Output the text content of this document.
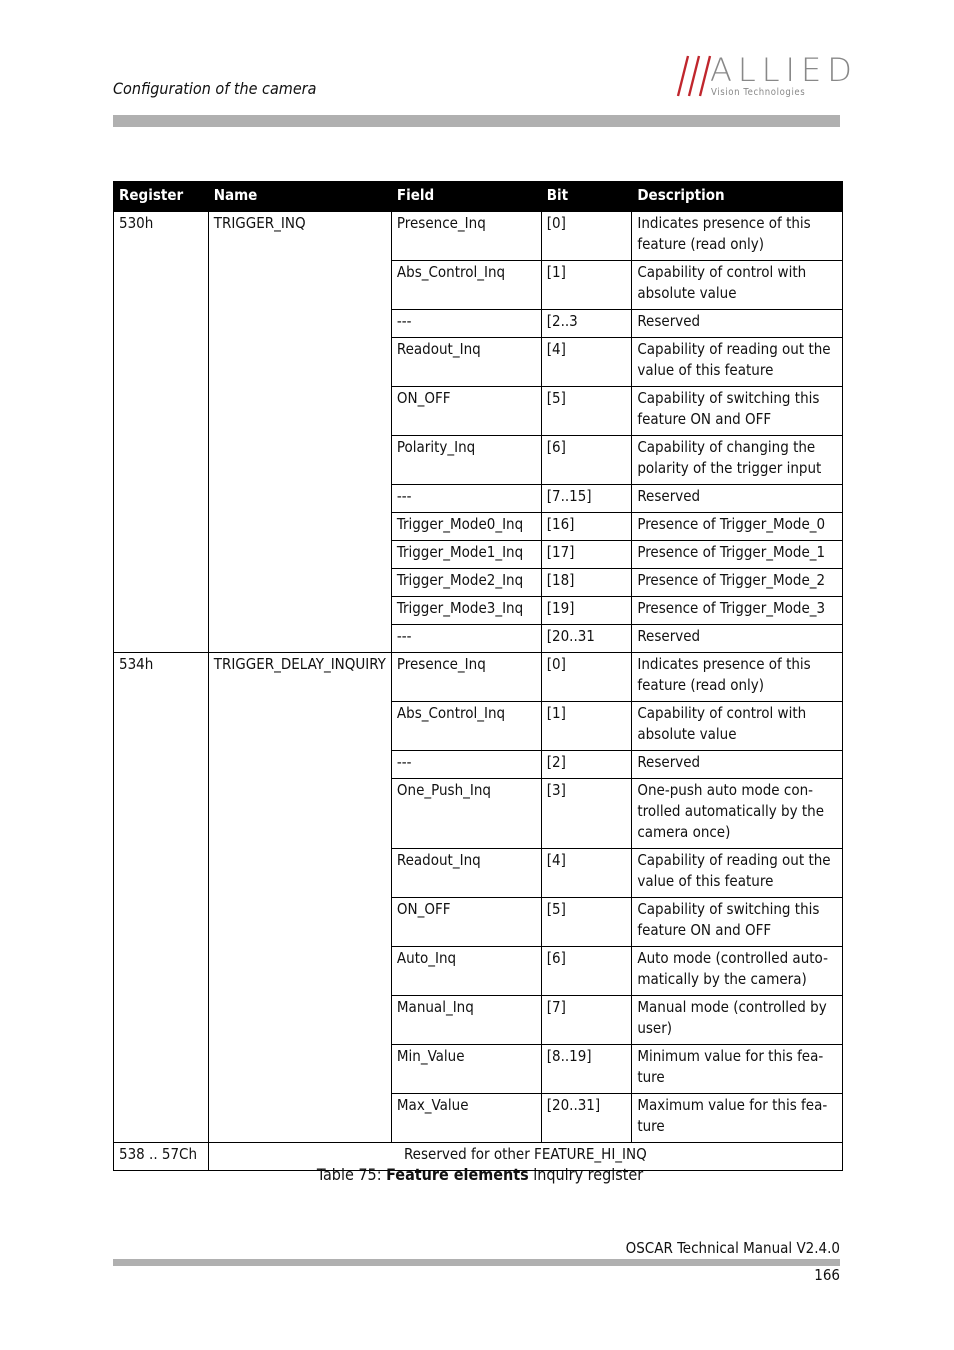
Configuration of the camera	ALLIED
Vision Technologies
Register	Name	Field	Bit	Description
530h	TRIGGER_INQ	Presence_Inq	[0]	Indicates presence of this feature (read only)
		Abs_Control_Inq	[1]	Capability of control with absolute value
		---	[2..3	Reserved
		Readout_Inq	[4]	Capability of reading out the value of this feature
		ON_OFF	[5]	Capability of switching this feature ON and OFF
		Polarity_Inq	[6]	Capability of changing the polarity of the trigger input
		---	[7..15]	Reserved
		Trigger_Mode0_Inq	[16]	Presence of Trigger_Mode_0
		Trigger_Mode1_Inq	[17]	Presence of Trigger_Mode_1
		Trigger_Mode2_Inq	[18]	Presence of Trigger_Mode_2
		Trigger_Mode3_Inq	[19]	Presence of Trigger_Mode_3
		---	[20..31	Reserved
534h	TRIGGER_DELAY_INQUIRY	Presence_Inq	[0]	Indicates presence of this feature (read only)
		Abs_Control_Inq	[1]	Capability of control with absolute value
		---	[2]	Reserved
		One_Push_Inq	[3]	One-push auto mode con-trolled automatically by the camera once)
		Readout_Inq	[4]	Capability of reading out the value of this feature
		ON_OFF	[5]	Capability of switching this feature ON and OFF
		Auto_Inq	[6]	Auto mode (controlled auto-matically by the camera)
		Manual_Inq	[7]	Manual mode (controlled by user)
		Min_Value	[8..19]	Minimum value for this fea-ture
		Max_Value	[20..31]	Maximum value for this fea-ture
538 .. 57Ch	Reserved for other FEATURE_HI_INQ			
Table 75: Feature elements inquiry register
OSCAR Technical Manual V2.4.0
166
